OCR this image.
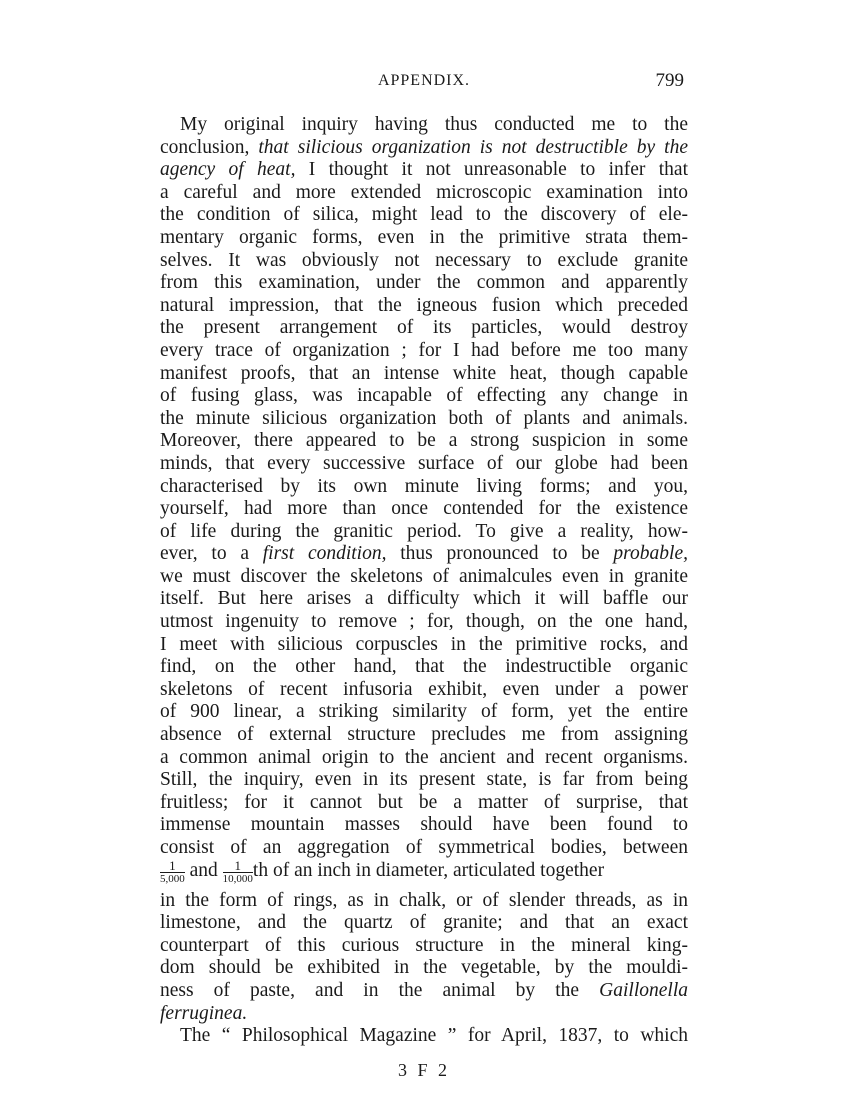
APPENDIX.	799
My original inquiry having thus conducted me to the
conclusion, that silicious organization is not destructible by the
agency of heat, I thought it not unreasonable to infer that
a careful and more extended microscopic examination into
the condition of silica, might lead to the discovery of ele-
mentary organic forms, even in the primitive strata them-
selves. It was obviously not necessary to exclude granite
from this examination, under the common and apparently
natural impression, that the igneous fusion which preceded
the present arrangement of its particles, would destroy
every trace of organization ; for I had before me too many
manifest proofs, that an intense white heat, though capable
of fusing glass, was incapable of effecting any change in
the minute silicious organization both of plants and animals.
Moreover, there appeared to be a strong suspicion in some
minds, that every successive surface of our globe had been
characterised by its own minute living forms; and you,
yourself, had more than once contended for the existence
of life during the granitic period. To give a reality, how-
ever, to a first condition, thus pronounced to be probable,
we must discover the skeletons of animalcules even in granite
itself. But here arises a difficulty which it will baffle our
utmost ingenuity to remove ; for, though, on the one hand,
I meet with silicious corpuscles in the primitive rocks, and
find, on the other hand, that the indestructible organic
skeletons of recent infusoria exhibit, even under a power
of 900 linear, a striking similarity of form, yet the entire
absence of external structure precludes me from assigning
a common animal origin to the ancient and recent organisms.
Still, the inquiry, even in its present state, is far from being
fruitless; for it cannot but be a matter of surprise, that
immense mountain masses should have been found to
consist of an aggregation of symmetrical bodies, between
$\frac{1}{5,000}$ and $\frac{1}{10,000}$ th of an inch in diameter, articulated together
in the form of rings, as in chalk, or of slender threads, as in
limestone, and the quartz of granite; and that an exact
counterpart of this curious structure in the mineral king-
dom should be exhibited in the vegetable, by the mouldi-
ness of paste, and in the animal by the Gaillonella
ferruginea.
The “ Philosophical Magazine ” for April, 1837, to which
3 F 2
